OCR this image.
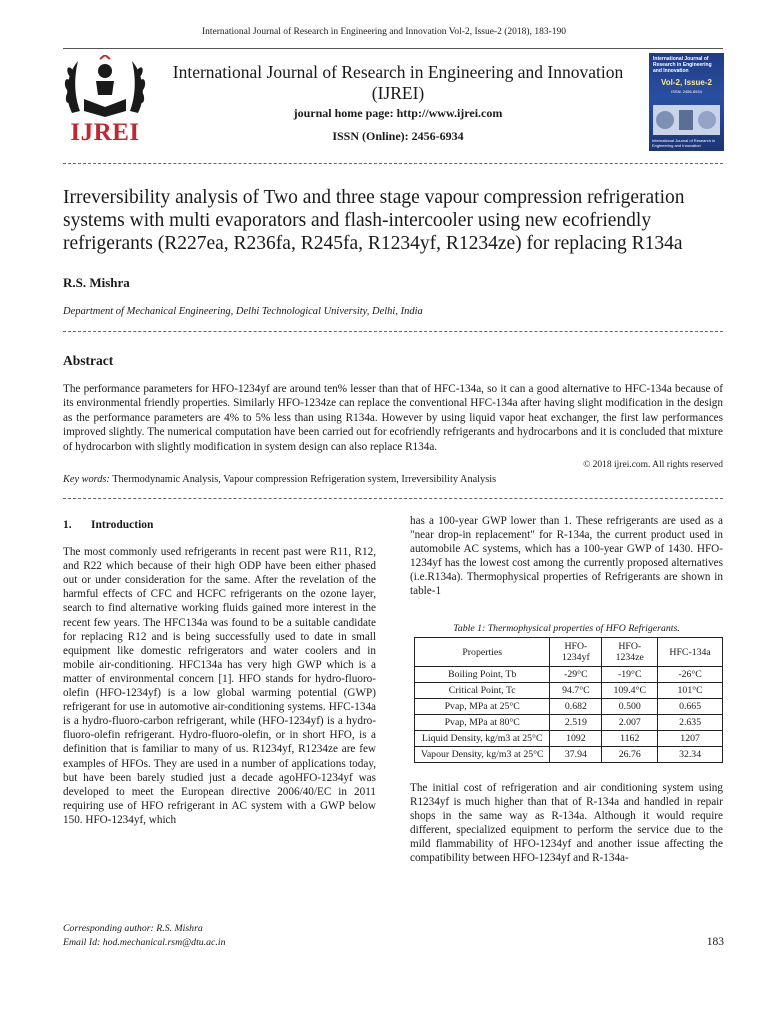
International Journal of Research in Engineering and Innovation Vol-2, Issue-2 (2018), 183-190
IJREI
International Journal of Research in Engineering and Innovation
(IJREI)
journal home page: http://www.ijrei.com
ISSN (Online): 2456-6934
International Journal of Research in Engineering and Innovation
Vol-2, Issue-2
ISSN: 2456-6934
International Journal of Research in Engineering and Innovation
Irreversibility analysis of Two and three stage vapour compression refrigeration systems with multi evaporators and flash-intercooler using new ecofriendly refrigerants (R227ea, R236fa, R245fa, R1234yf, R1234ze) for replacing R134a
R.S. Mishra
Department of Mechanical Engineering, Delhi Technological University, Delhi, India
Abstract
The performance parameters for HFO-1234yf are around ten% lesser than that of HFC-134a, so it can a good alternative to HFC-134a because of its environmental friendly properties. Similarly HFO-1234ze can replace the conventional HFC-134a after having slight modification in the design as the performance parameters are 4% to 5% less than using R134a. However by using liquid vapor heat exchanger, the first law performances improved slightly. The numerical computation have been carried out for ecofriendly refrigerants and hydrocarbons and it is concluded that mixture of hydrocarbon with slightly modification in system design can also replace R134a.
© 2018 ijrei.com. All rights reserved
Key words: Thermodynamic Analysis, Vapour compression Refrigeration system, Irreversibility Analysis
1. Introduction

The most commonly used refrigerants in recent past were R11, R12, and R22 which because of their high ODP have been either phased out or under consideration for the same. After the revelation of the harmful effects of CFC and HCFC refrigerants on the ozone layer, search to find alternative working fluids gained more interest in the recent few years. The HFC134a was found to be a suitable candidate for replacing R12 and is being successfully used to date in small equipment like domestic refrigerators and water coolers and in mobile air-conditioning. HFC134a has very high GWP which is a matter of environmental concern [1]. HFO stands for hydro-fluoro-olefin (HFO-1234yf) is a low global warming potential (GWP) refrigerant for use in automotive air-conditioning systems. HFC-134a is a hydro-fluoro-carbon refrigerant, while (HFO-1234yf) is a hydro-fluoro-olefin refrigerant. Hydro-fluoro-olefin, or in short HFO, is a definition that is familiar to many of us. R1234yf, R1234ze are few examples of HFOs. They are used in a number of applications today, but have been barely studied just a decade agoHFO-1234yf was developed to meet the European directive 2006/40/EC in 2011 requiring use of HFO refrigerant in AC system with a GWP below 150. HFO-1234yf, which

has a 100-year GWP lower than 1. These refrigerants are used as a "near drop-in replacement" for R-134a, the current product used in automobile AC systems, which has a 100-year GWP of 1430. HFO-1234yf has the lowest cost among the currently proposed alternatives (i.e.R134a). Thermophysical properties of Refrigerants are shown in table-1

Table 1: Thermophysical properties of HFO Refrigerants.
Properties	HFO-1234yf	HFO-1234ze	HFC-134a
Boiling Point, Tb	-29°C	-19°C	-26°C
Critical Point, Tc	94.7°C	109.4°C	101°C
Pvap, MPa at 25°C	0.682	0.500	0.665
Pvap, MPa at 80°C	2.519	2.007	2.635
Liquid Density, kg/m3 at 25°C	1092	1162	1207
Vapour Density, kg/m3 at 25°C	37.94	26.76	32.34

The initial cost of refrigeration and air conditioning system using R1234yf is much higher than that of R-134a and handled in repair shops in the same way as R-134a. Although it would require different, specialized equipment to perform the service due to the mild flammability of HFO-1234yf and another issue affecting the compatibility between HFO-1234yf and R-134a-

Corresponding author: R.S. Mishra
Email Id: hod.mechanical.rsm@dtu.ac.in	183
